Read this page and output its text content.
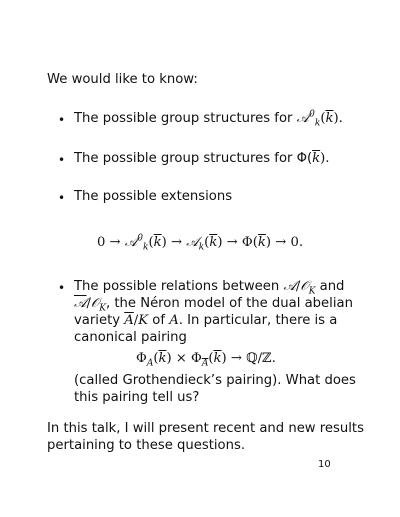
We would like to know:
• The possible group structures for $𝒜^0_k(\overline{k})$.
• The possible group structures for $\Phi(\overline{k})$.
• The possible extensions
$0 \to 𝒜^0_k(\overline{k})$ → $𝒜_k(\overline{k}) \to \Phi(\overline{k}) \to 0$.
• The possible relations between 𝒜/𝒪$_K$ and
𝒜/𝒪$_K$, the Néron model of the dual abelian
variety $\overline{A}/K$ of A. In particular, there is a
canonical pairing
$\Phi_A(\overline{k}) \times \Phi_{\overline{A}}(\overline{k})$ → ℚ/ℤ.
(called Grothendieck’s pairing). What does
this pairing tell us?
In this talk, I will present recent and new results
pertaining to these questions.
10
